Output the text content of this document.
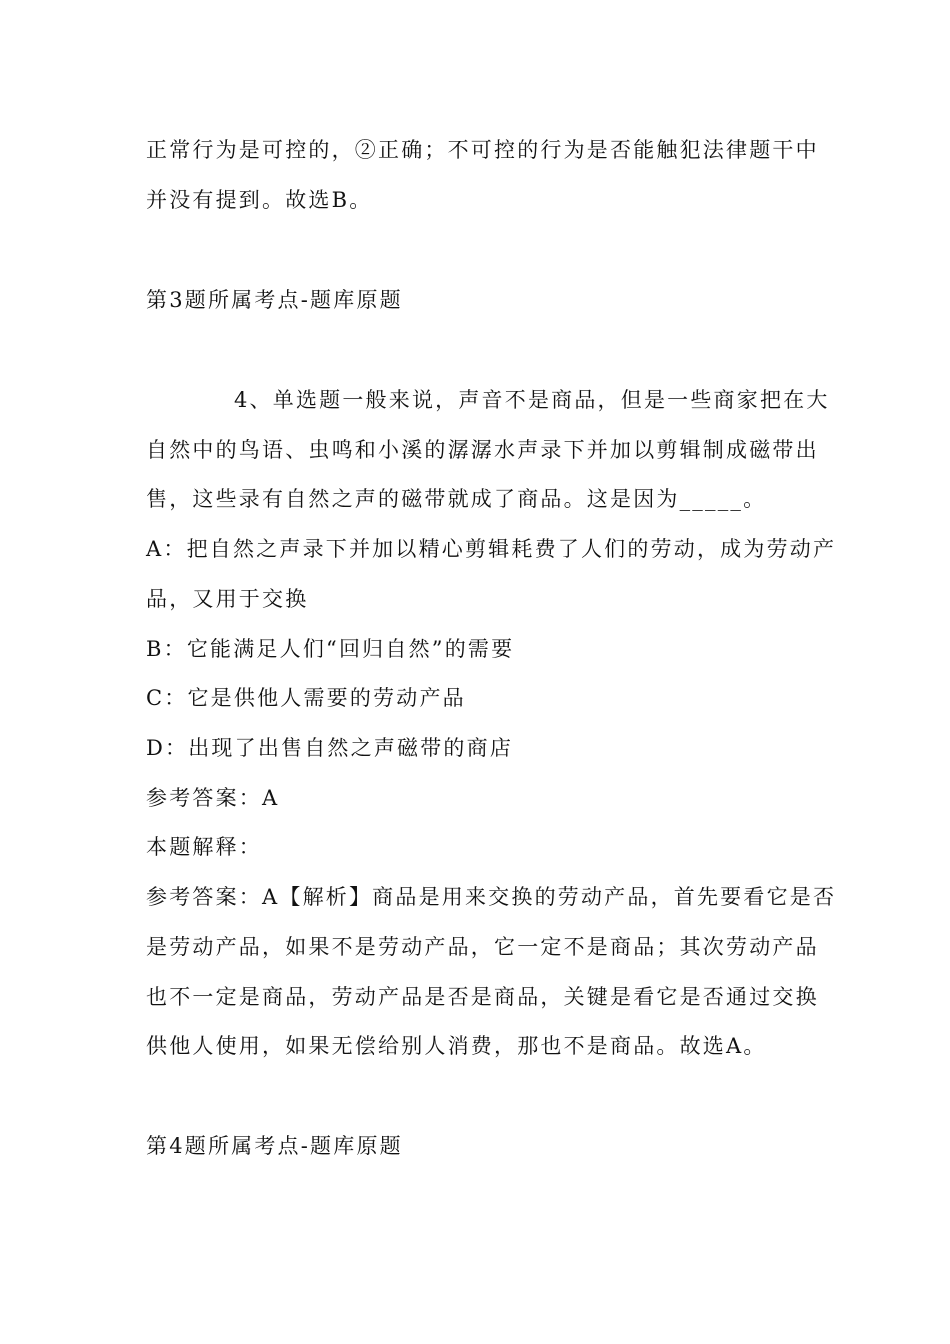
正常行为是可控的，②正确；不可控的行为是否能触犯法律题干中
并没有提到。故选B。
第3题所属考点-题库原题
4、单选题一般来说，声音不是商品，但是一些商家把在大
自然中的鸟语、虫鸣和小溪的潺潺水声录下并加以剪辑制成磁带出
售，这些录有自然之声的磁带就成了商品。这是因为_____。
A：把自然之声录下并加以精心剪辑耗费了人们的劳动，成为劳动产
品，又用于交换
B：它能满足人们“回归自然”的需要
C：它是供他人需要的劳动产品
D：出现了出售自然之声磁带的商店
参考答案：A
本题解释：
参考答案：A【解析】商品是用来交换的劳动产品，首先要看它是否
是劳动产品，如果不是劳动产品，它一定不是商品；其次劳动产品
也不一定是商品，劳动产品是否是商品，关键是看它是否通过交换
供他人使用，如果无偿给别人消费，那也不是商品。故选A。
第4题所属考点-题库原题
